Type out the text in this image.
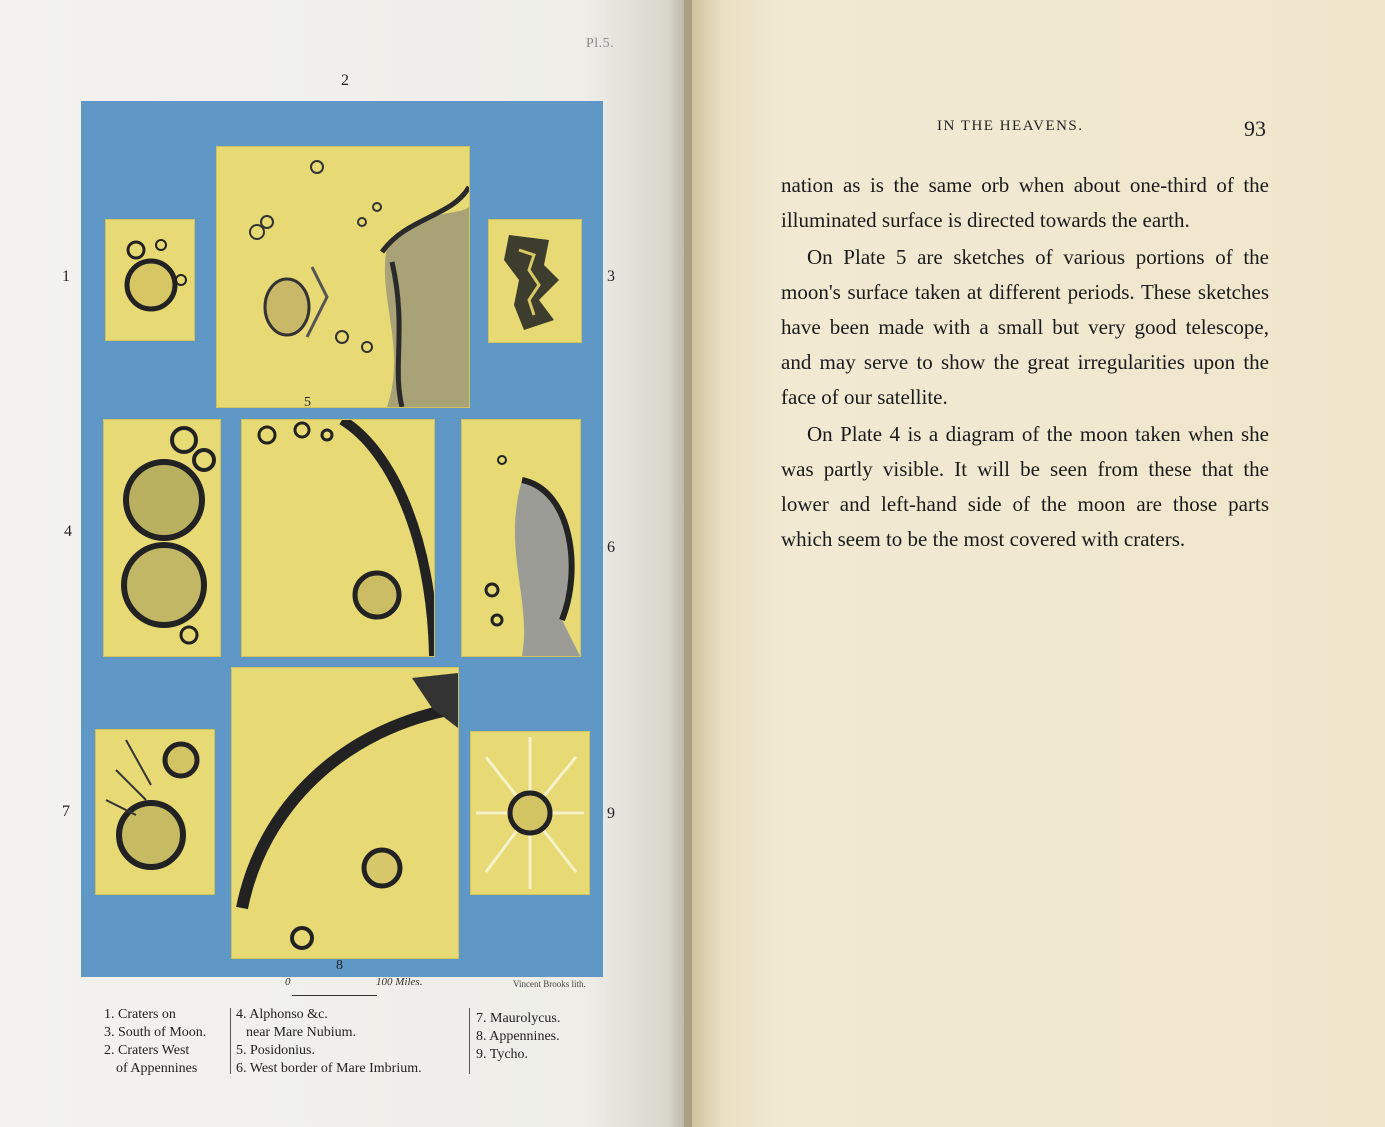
Pl.5.
2
1	3
4
6
7	9
5
8
0	100 Miles.	Vincent Brooks lith.
1. Craters on
3. South of Moon.
2. Craters West
of Appennines
4. Alphonso &c.
near Mare Nubium.
5. Posidonius.
6. West border of Mare Imbrium.
7. Maurolycus.
8. Appennines.
9. Tycho.
IN THE HEAVENS.	93

nation as is the same orb when about one-third of the illuminated surface is directed towards the earth.

On Plate 5 are sketches of various portions of the moon's surface taken at different periods. These sketches have been made with a small but very good telescope, and may serve to show the great irregularities upon the face of our satellite.

On Plate 4 is a diagram of the moon taken when she was partly visible. It will be seen from these that the lower and left-hand side of the moon are those parts which seem to be the most covered with craters.
